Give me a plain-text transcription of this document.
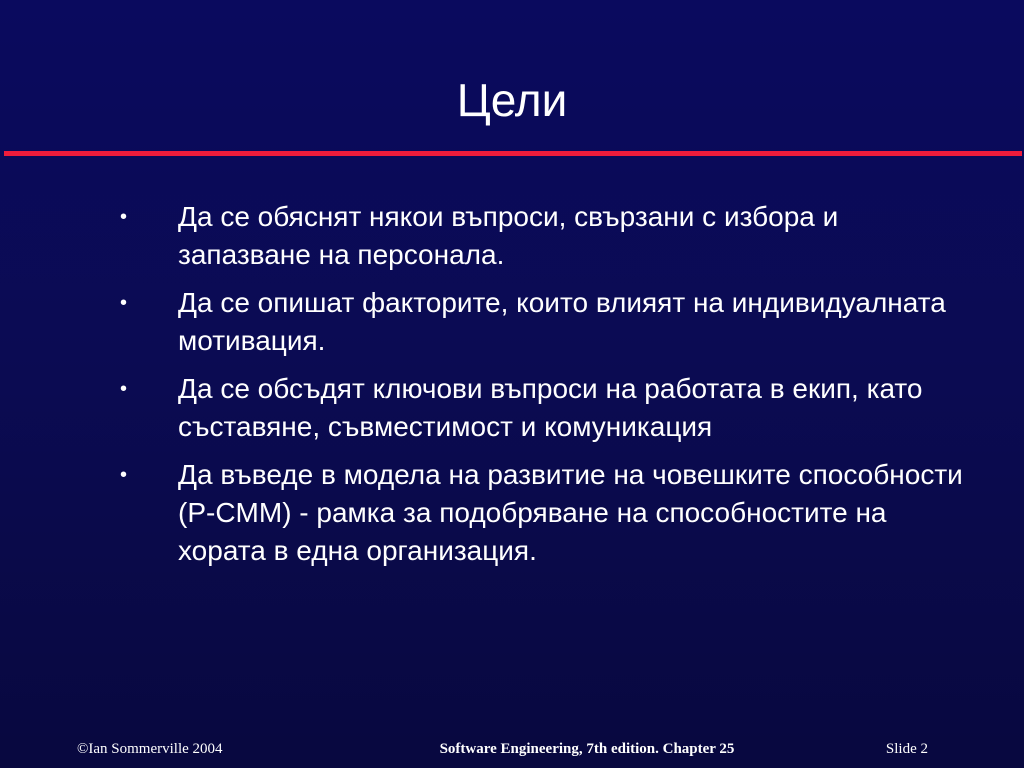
Цели
• Да се обяснят някои въпроси, свързани с избора и запазване на персонала.
• Да се опишат факторите, които влияят на индивидуалната мотивация.
• Да се обсъдят ключови въпроси на работата в екип, като съставяне, съвместимост и комуникация
• Да въведе в модела на развитие на човешките способности (P-CMM) - рамка за подобряване на способностите на хората в една организация.
©Ian Sommerville 2004	Software Engineering, 7th edition. Chapter 25	Slide 2
